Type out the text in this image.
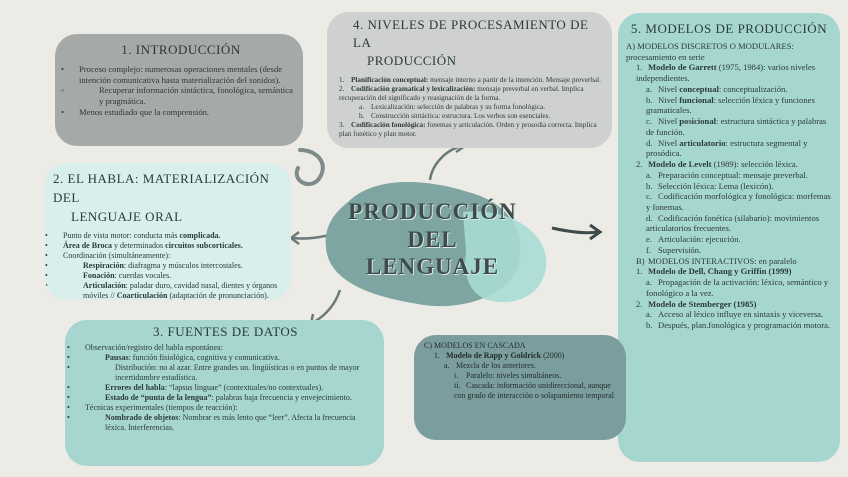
PRODUCCIÓN
DEL
LENGUAJE
1. INTRODUCCIÓN
• Proceso complejo: numerosas operaciones mentales (desde intención comunicativa hasta materialización del sonidos).
◦ Recuperar información sintáctica, fonológica, semántica y pragmática.
• Menos estudiado que la comprensión.
4. NIVELES DE PROCESAMIENTO DE LA
PRODUCCIÓN
1. Planificación conceptual: mensaje interno a partir de la intención. Mensaje preverbal.
2. Codificación gramatical y lexicalización: mensaje preverbal en verbal. Implica recuperación del significado y reasignación de la forma.
a. Lexicalización: selección de palabras y su forma fonológica.
b. Construcción sintáctica: estructura. Los verbos son esenciales.
3. Codificación fonológica: fonemas y articulación. Orden y prosodia correcta. Implica plan fonético y plan motor.
5. MODELOS DE PRODUCCIÓN
A) MODELOS DISCRETOS O MODULARES: procesamiento en serie
1. Modelo de Garrett (1975, 1984): varios niveles independientes.
a. Nivel conceptual: conceptualización.
b. Nivel funcional: selección léxica y funciones gramaticales.
c. Nivel posicional: estructura sintáctica y palabras de función.
d. Nivel articulatorio: estructura segmental y prosódica.
2. Modelo de Levelt (1989): selección léxica.
a. Preparación conceptual: mensaje preverbal.
b. Selección léxica: Lema (lexicón).
c. Codificación morfológica y fonológica: morfemas y fonemas.
d. Codificación fonética (silabario): movimientos articulatorios frecuentes.
e. Articulación: ejecución.
f. Supervisión.
B) MODELOS INTERACTIVOS: en paralelo
1. Modelo de Dell, Chang y Griffin (1999)
a. Propagación de la activación: léxico, semántico y fonológico a la vez.
2. Modelo de Stemberger (1985)
a. Acceso al léxico influye en sintaxis y viceversa.
b. Después, plan.fonológica y programación motora.
2. EL HABLA: MATERIALIZACIÓN DEL
LENGUAJE ORAL
• Punto de vista motor: conducta más complicada.
• Área de Broca y determinados circuitos subcorticales.
• Coordinación (simultáneamente):
• Respiración: diafragma y músculos intercostales.
• Fonación: cuerdas vocales.
• Articulación: paladar duro, cavidad nasal, dientes y órganos móviles // Coarticulación (adaptación de pronunciación).
3. FUENTES DE DATOS
• Observación/registro del habla espontánea:
• Pausas: función fisiológica, cognitiva y comunicativa.
• Distribución: no al azar. Entre grandes un. lingüísticas o en puntos de mayor incertidumbre estadística.
• Errores del habla: “lapsus linguae” (contextuales/no contextuales).
• Estado de “punta de la lengua”: palabras baja frecuencia y envejecimiento.
• Técnicas experimentales (tiempos de reacción):
• Nombrado de objetos: Nombrar es más lento que “leer”. Afecta la frecuencia léxica. Interferencias.
C) MODELOS EN CASCADA
1. Modelo de Rapp y Goldrick (2000)
a. Mezcla de los anteriores.
i. Paralelo: niveles simultáneos.
ii. Cascada: información unidireccional, aunque con grado de interacción o solapamiento temporal
